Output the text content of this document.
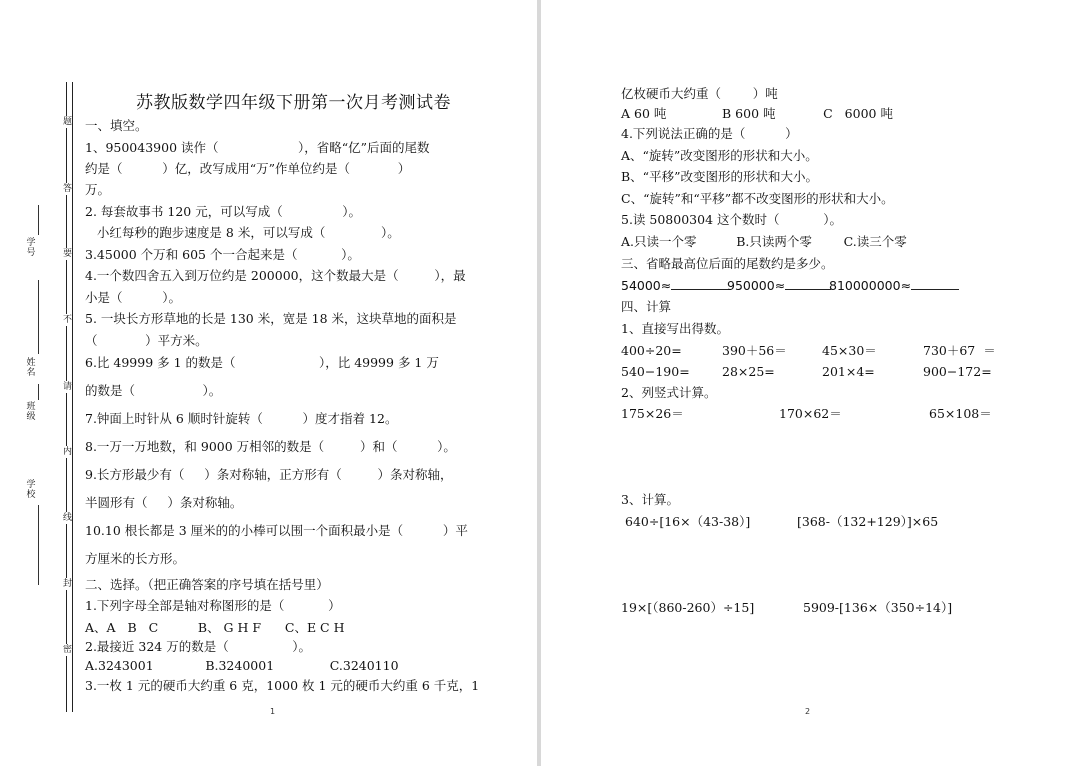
题
答
要
不
请
内
线
封
密
学号
姓名
班级
学校
苏教版数学四年级下册第一次月考测试卷
一、填空。
1、950043900 读作（                    ），省略“亿”后面的尾数
约是（          ）亿，改写成用“万”作单位约是（            ）
万。
2. 每套故事书 120 元，可以写成（               ）。
小红每秒的跑步速度是 8 米，可以写成（              ）。
3.45000 个万和 605 个一合起来是（           ）。
4.一个数四舍五入到万位约是 200000，这个数最大是（         ），最
小是（          ）。
5. 一块长方形草地的长是 130 米，宽是 18 米，这块草地的面积是
（            ）平方米。
6.比 49999 多 1 的数是（                     ），比 49999 多 1 万
的数是（                 ）。
7.钟面上时针从 6 顺时针旋转（          ）度才指着 12。
8.一万一万地数，和 9000 万相邻的数是（         ）和（          ）。
9.长方形最少有（     ）条对称轴，正方形有（         ）条对称轴，
半圆形有（     ）条对称轴。
10.10 根长都是 3 厘米的的小棒可以围一个面积最小是（          ）平
方厘米的长方形。
二、选择。（把正确答案的序号填在括号里）
1.下列字母全部是轴对称图形的是（           ）
A、A   B   C          B、 G H F      C、E C H
2.最接近 324 万的数是（                ）。
A.3243001             B.3240001              C.3240110
3.一枚 1 元的硬币大约重 6 克，1000 枚 1 元的硬币大约重 6 千克，1
1
亿枚硬币大约重（        ）吨
A 60 吨              B 600 吨            C   6000 吨
4.下列说法正确的是（          ）
A、“旋转”改变图形的形状和大小。
B、“平移”改变图形的形状和大小。
C、“旋转”和“平移”都不改变图形的形状和大小。
5.读 50800304 这个数时（           ）。
A.只读一个零          B.只读两个零        C.读三个零
三、省略最高位后面的尾数约是多少。
54000≈	950000≈	810000000≈
四、计算
1、直接写出得数。
400÷20=	390＋56＝	45×30＝	730＋67  ＝
540−190=	28×25=	201×4=	900−172=
2、列竖式计算。
175×26＝	170×62＝	65×108＝
3、计算。
640÷[16×（43-38）]	[368-（132+129）]×65
19×[（860-260）÷15]	5909-[136×（350÷14）]
2
